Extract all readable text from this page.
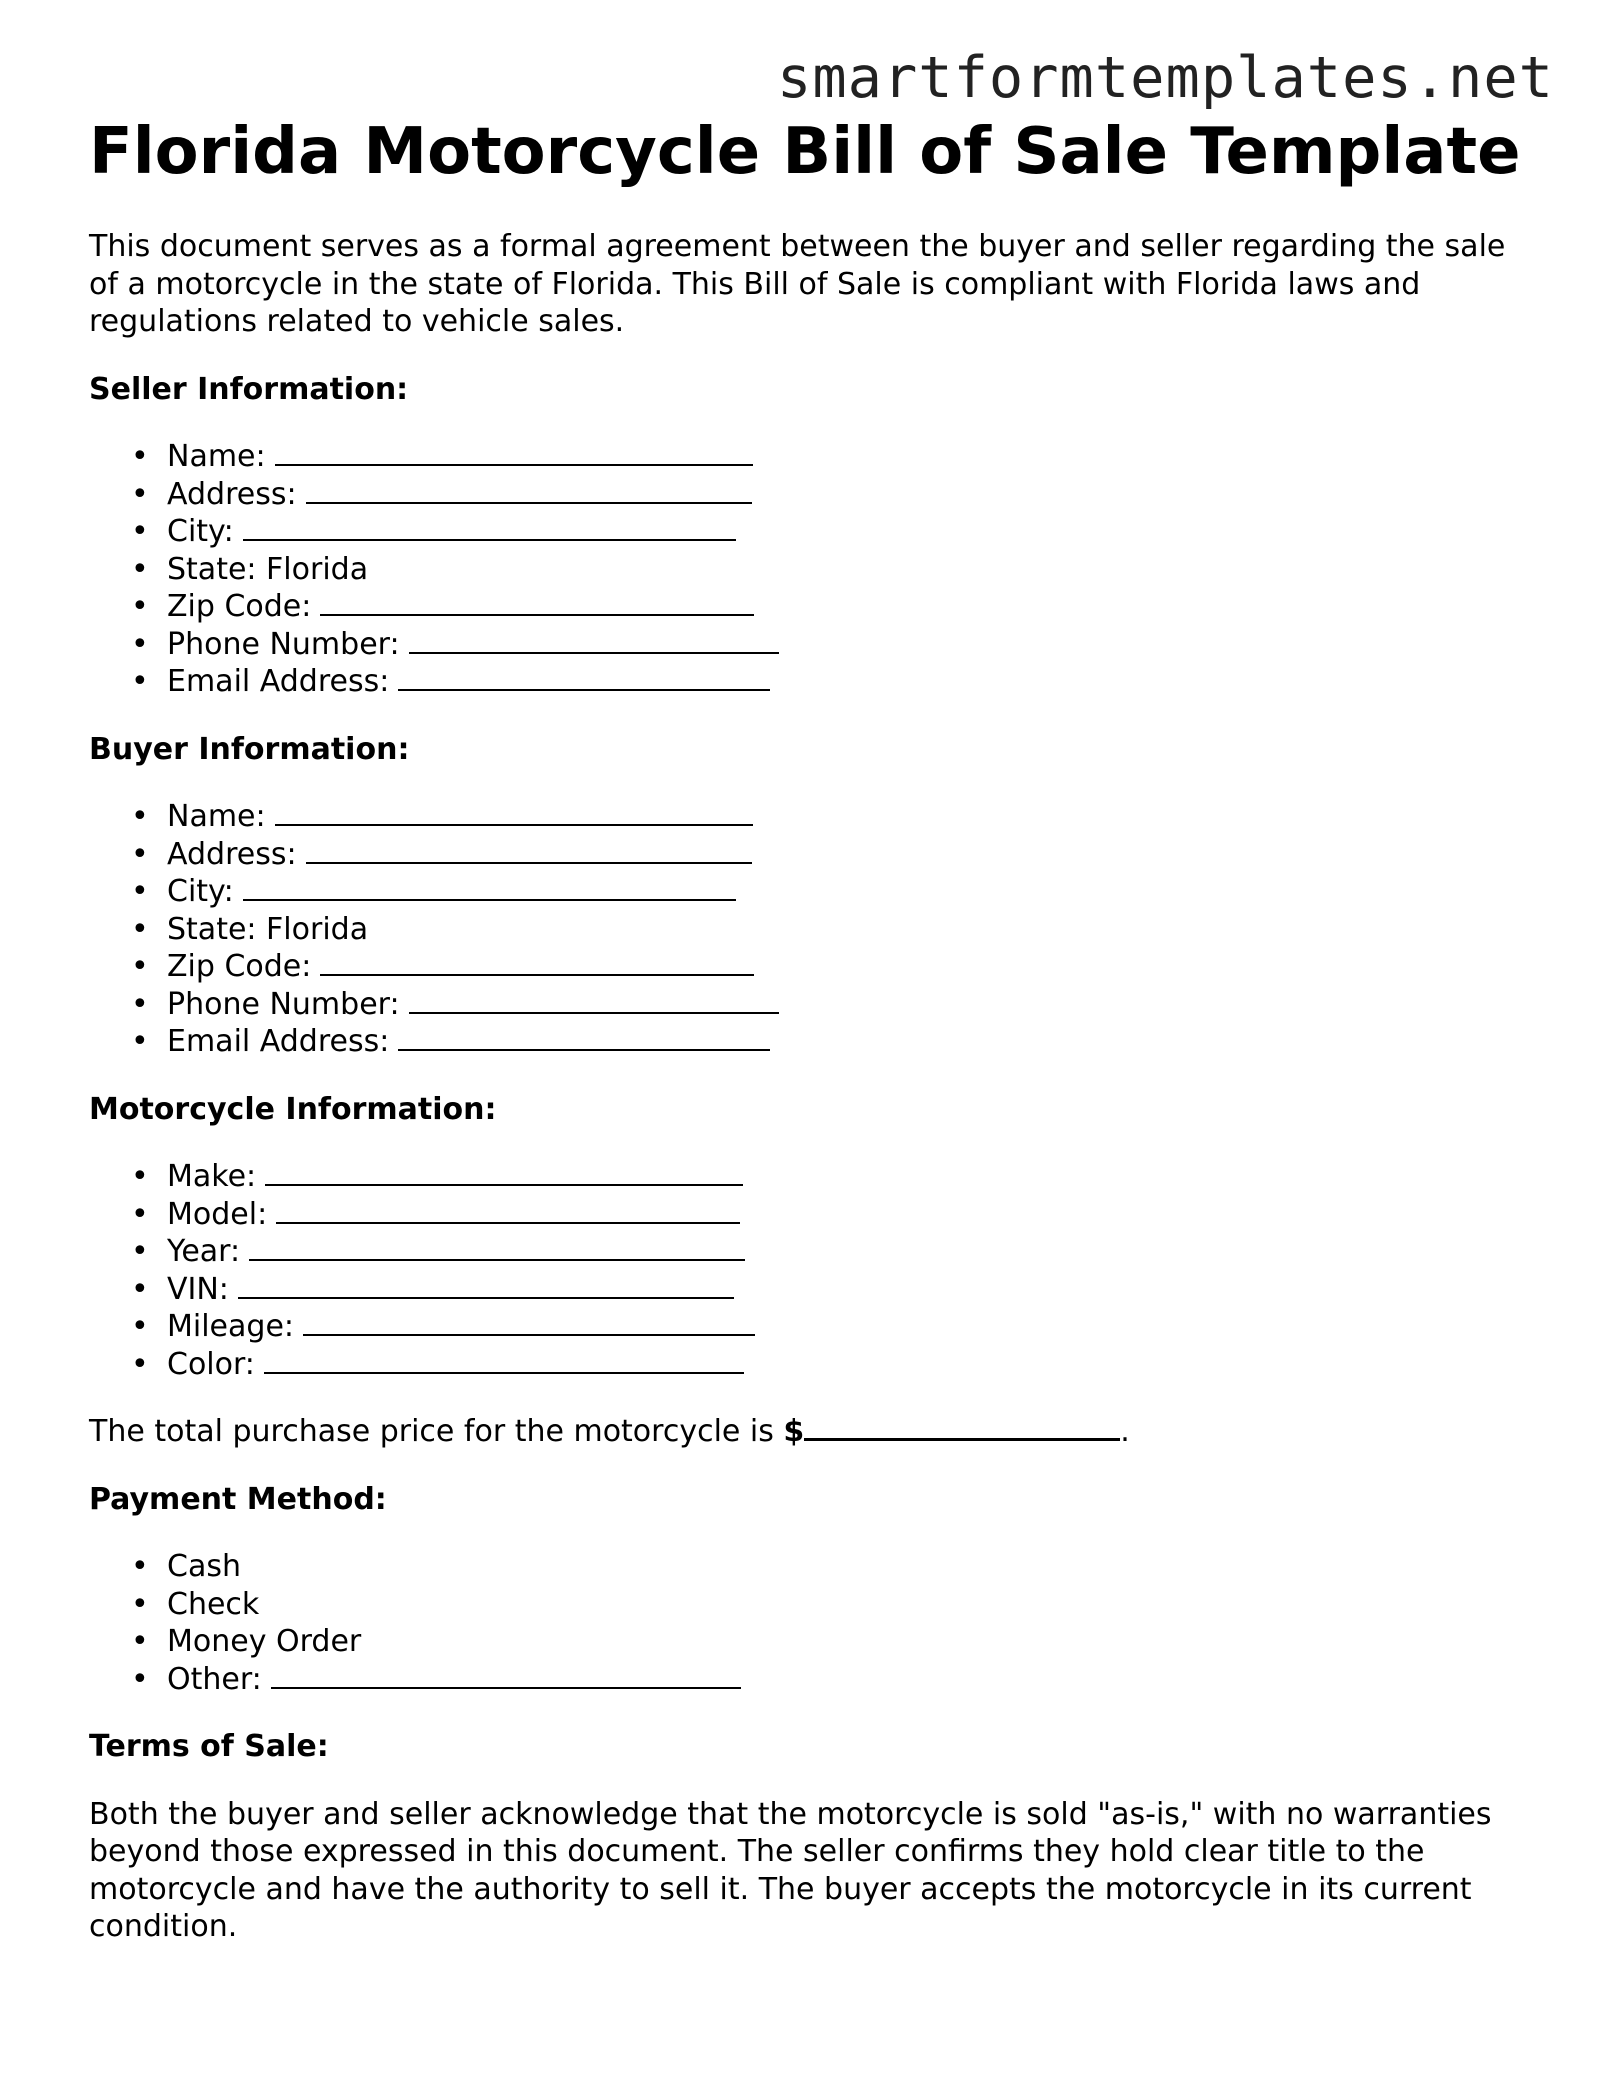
smartformtemplates.net
Florida Motorcycle Bill of Sale Template

This document serves as a formal agreement between the buyer and seller regarding the sale of a motorcycle in the state of Florida. This Bill of Sale is compliant with Florida laws and regulations related to vehicle sales.

Seller Information:

• Name:
• Address:
• City:
• State: Florida
• Zip Code:
• Phone Number:
• Email Address:

Buyer Information:

• Name:
• Address:
• City:
• State: Florida
• Zip Code:
• Phone Number:
• Email Address:

Motorcycle Information:

• Make:
• Model:
• Year:
• VIN:
• Mileage:
• Color:

The total purchase price for the motorcycle is $	.

Payment Method:

• Cash
• Check
• Money Order
• Other:

Terms of Sale:

Both the buyer and seller acknowledge that the motorcycle is sold "as-is," with no warranties beyond those expressed in this document. The seller confirms they hold clear title to the motorcycle and have the authority to sell it. The buyer accepts the motorcycle in its current condition.
